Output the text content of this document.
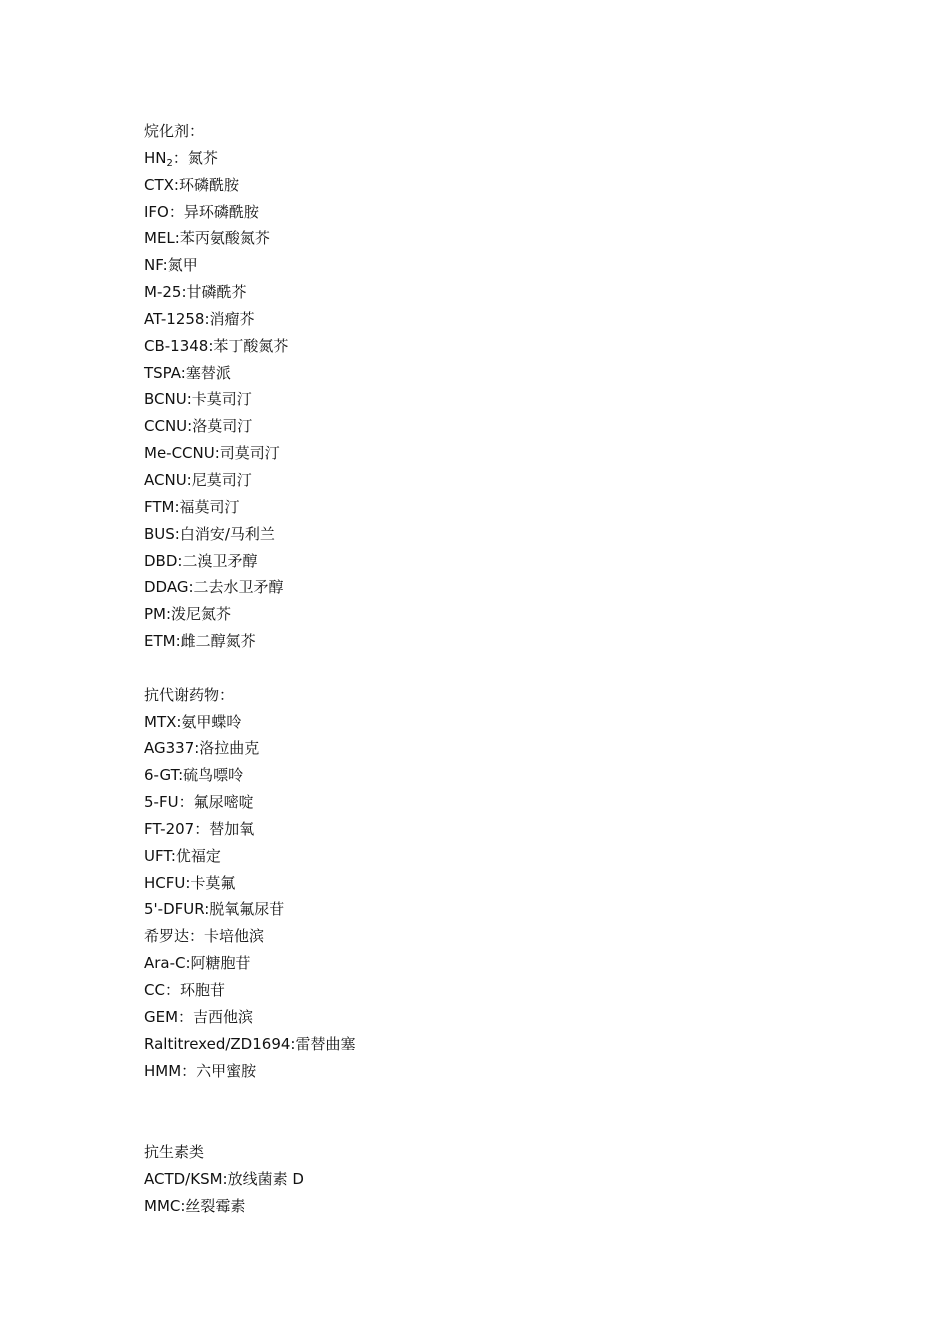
烷化剂：
$HN_2$：氮芥
CTX:环磷酰胺
IFO：异环磷酰胺
MEL:苯丙氨酸氮芥
NF:氮甲
M-25:甘磷酰芥
AT-1258:消瘤芥
CB-1348:苯丁酸氮芥
TSPA:塞替派
BCNU:卡莫司汀
CCNU:洛莫司汀
Me-CCNU:司莫司汀
ACNU:尼莫司汀
FTM:福莫司汀
BUS:白消安/马利兰
DBD:二溴卫矛醇
DDAG:二去水卫矛醇
PM:泼尼氮芥
ETM:雌二醇氮芥
抗代谢药物：
MTX:氨甲蝶呤
AG337:洛拉曲克
6-GT:硫鸟嘌呤
5-FU：氟尿嘧啶
FT-207：替加氧
UFT:优福定
HCFU:卡莫氟
5'-DFUR:脱氧氟尿苷
希罗达：卡培他滨
Ara-C:阿糖胞苷
CC：环胞苷
GEM：吉西他滨
Raltitrexed/ZD1694:雷替曲塞
HMM：六甲蜜胺
抗生素类
ACTD/KSM:放线菌素 D
MMC:丝裂霉素
